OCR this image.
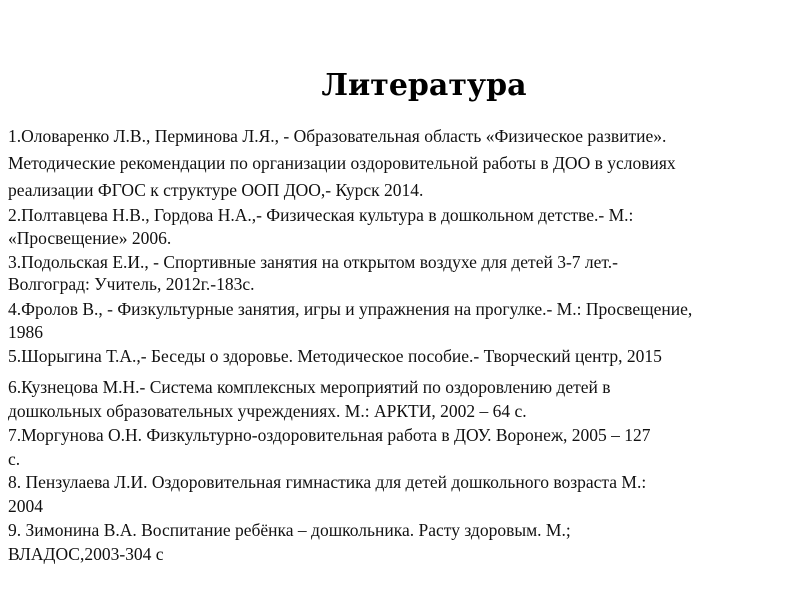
Литература
1.Оловаренко Л.В., Перминова Л.Я., - Образовательная область «Физическое развитие».
Методические рекомендации по организации оздоровительной работы в ДОО в условиях
реализации ФГОС к структуре ООП ДОО,- Курск 2014.
2.Полтавцева Н.В., Гордова Н.А.,- Физическая культура в дошкольном детстве.- М.:
«Просвещение» 2006.
3.Подольская Е.И., - Спортивные занятия на открытом воздухе для детей 3-7 лет.-
Волгоград: Учитель, 2012г.-183с.
4.Фролов В., - Физкультурные занятия, игры и упражнения на прогулке.- М.: Просвещение,
1986
5.Шорыгина Т.А.,- Беседы о здоровье. Методическое пособие.- Творческий центр, 2015
6.Кузнецова М.Н.- Система комплексных мероприятий по оздоровлению детей в
дошкольных образовательных учреждениях. М.: АРКТИ, 2002 – 64 с.
7.Моргунова О.Н. Физкультурно-оздоровительная работа в ДОУ. Воронеж, 2005 – 127
с.
8. Пензулаева Л.И. Оздоровительная гимнастика для детей дошкольного возраста М.:
2004
9. Зимонина В.А. Воспитание ребёнка – дошкольника. Расту здоровым. М.;
ВЛАДОС,2003-304 с
